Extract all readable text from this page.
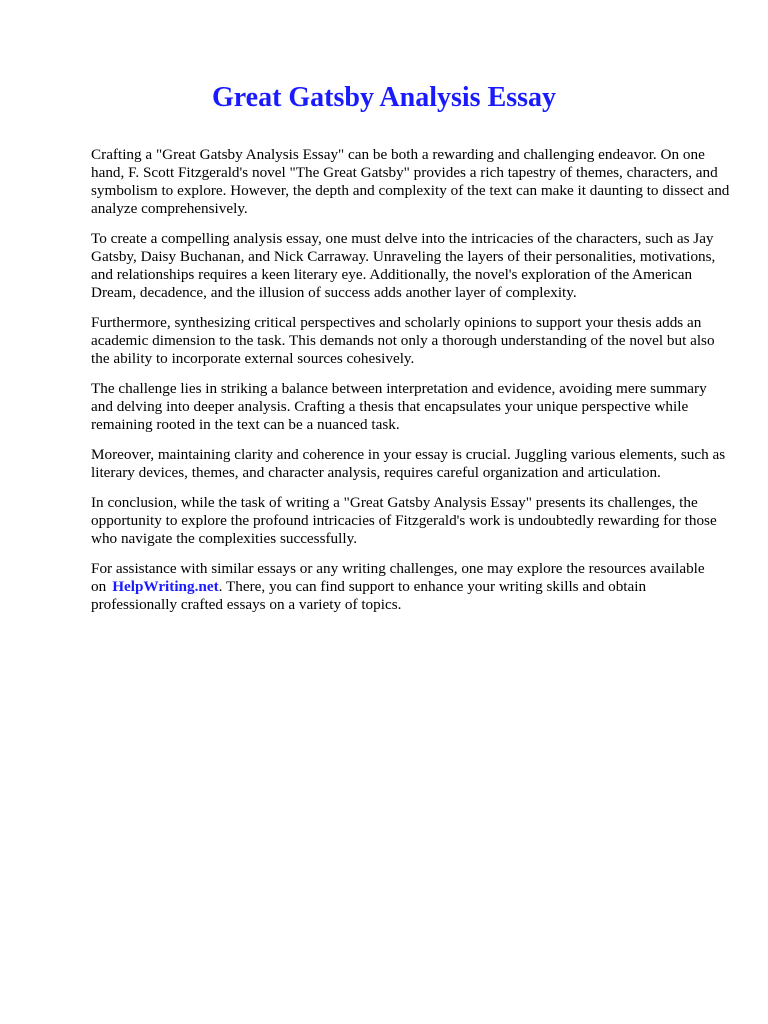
Great Gatsby Analysis Essay

Crafting a "Great Gatsby Analysis Essay" can be both a rewarding and challenging endeavor. On one hand, F. Scott Fitzgerald's novel "The Great Gatsby" provides a rich tapestry of themes, characters, and symbolism to explore. However, the depth and complexity of the text can make it daunting to dissect and analyze comprehensively.

To create a compelling analysis essay, one must delve into the intricacies of the characters, such as Jay Gatsby, Daisy Buchanan, and Nick Carraway. Unraveling the layers of their personalities, motivations, and relationships requires a keen literary eye. Additionally, the novel's exploration of the American Dream, decadence, and the illusion of success adds another layer of complexity.

Furthermore, synthesizing critical perspectives and scholarly opinions to support your thesis adds an academic dimension to the task. This demands not only a thorough understanding of the novel but also the ability to incorporate external sources cohesively.

The challenge lies in striking a balance between interpretation and evidence, avoiding mere summary and delving into deeper analysis. Crafting a thesis that encapsulates your unique perspective while remaining rooted in the text can be a nuanced task.

Moreover, maintaining clarity and coherence in your essay is crucial. Juggling various elements, such as literary devices, themes, and character analysis, requires careful organization and articulation.

In conclusion, while the task of writing a "Great Gatsby Analysis Essay" presents its challenges, the opportunity to explore the profound intricacies of Fitzgerald's work is undoubtedly rewarding for those who navigate the complexities successfully.

For assistance with similar essays or any writing challenges, one may explore the resources available on HelpWriting.net. There, you can find support to enhance your writing skills and obtain professionally crafted essays on a variety of topics.
